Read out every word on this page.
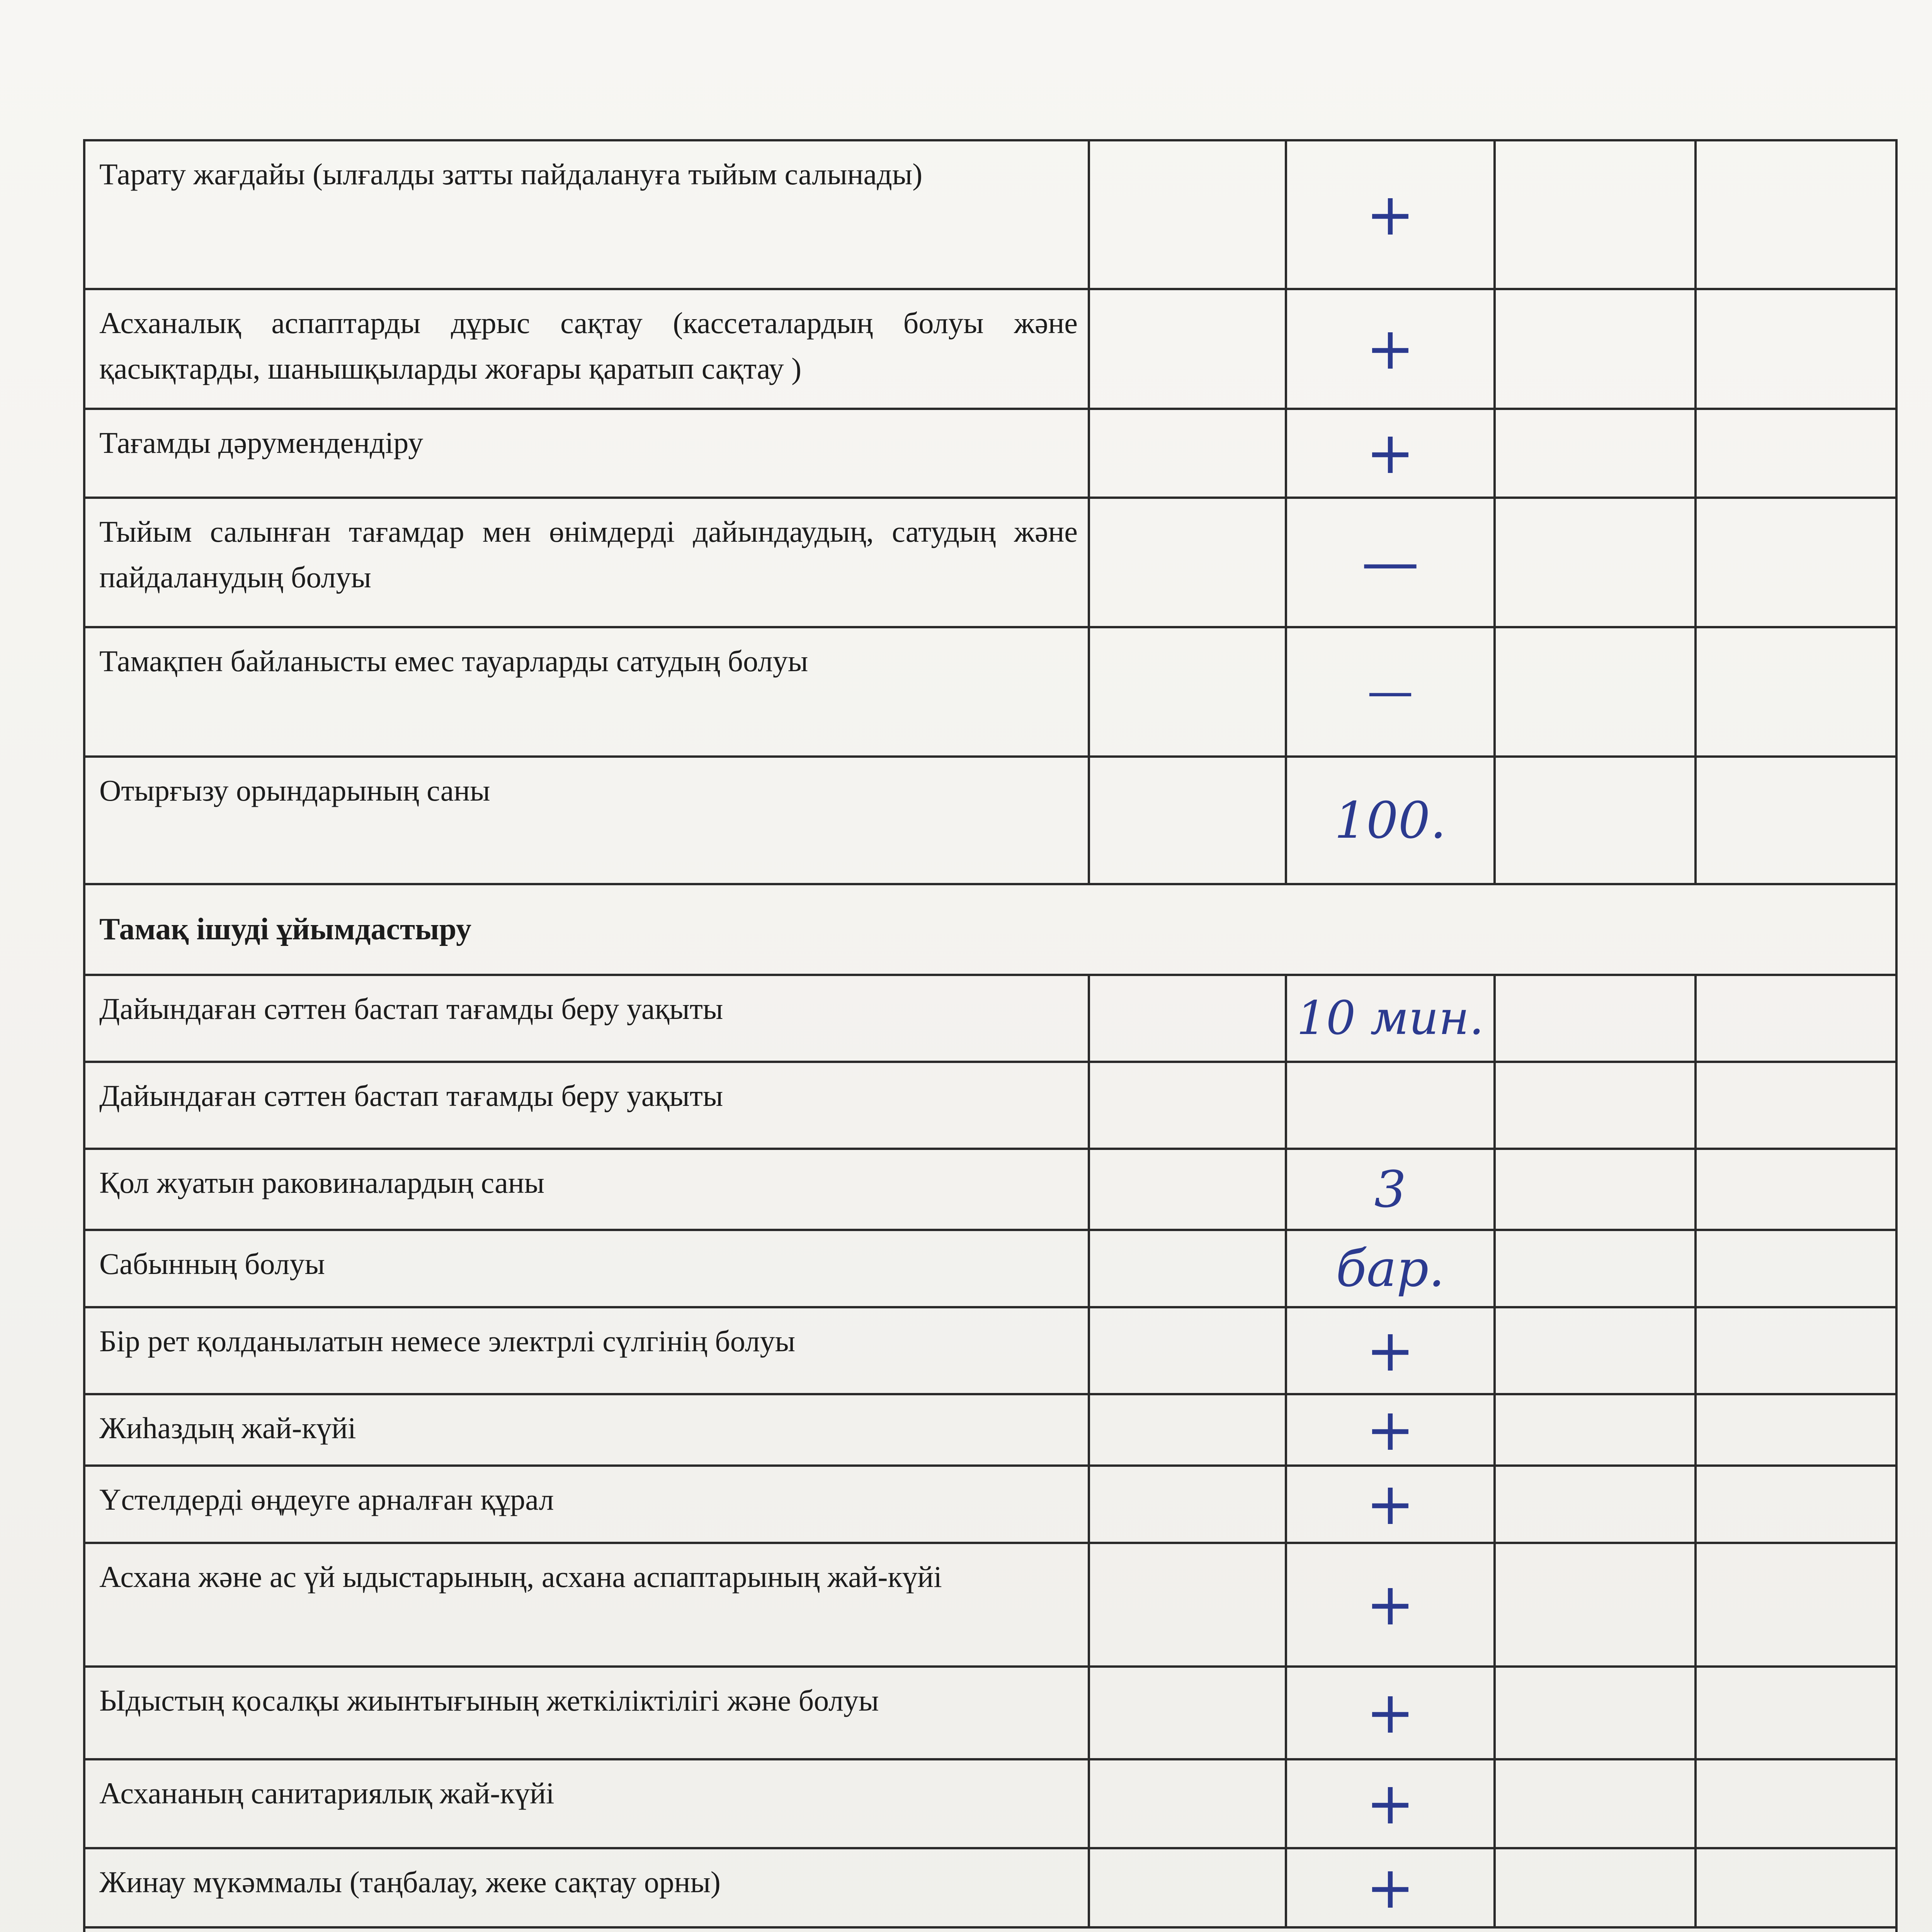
Тарату жағдайы (ылғалды затты пайдалануға тыйым салынады)		+		

Асханалық аспаптарды дұрыс сақтау (кассеталардың болуы және қасықтарды, шанышқыларды жоғары қаратып сақтау )		+		

Тағамды дәрумендендіру		+		

Тыйым салынған тағамдар мен өнімдерді дайындаудың, сатудың және пайдаланудың болуы		—		

Тамақпен байланысты емес тауарларды сатудың болуы		—		

Отырғызу орындарының саны		100.		

Тамақ ішуді ұйымдастыру				

Дайындаған сәттен бастап тағамды беру уақыты		10 мин.		

Дайындаған сәттен бастап тағамды беру уақыты				

Қол жуатын раковиналардың саны		3		

Сабынның болуы		бар.		

Бір рет қолданылатын немесе электрлі сүлгінің болуы		+		

Жиһаздың жай-күйі		+		

Үстелдерді өңдеуге арналған құрал		+		

Асхана және ас үй ыдыстарының, асхана аспаптарының жай-күйі		+		

Ыдыстың қосалқы жиынтығының жеткіліктілігі және болуы		+		

Асхананың санитариялық жай-күйі		+		

Жинау мүкәммалы (таңбалау, жеке сақтау орны)		+		
